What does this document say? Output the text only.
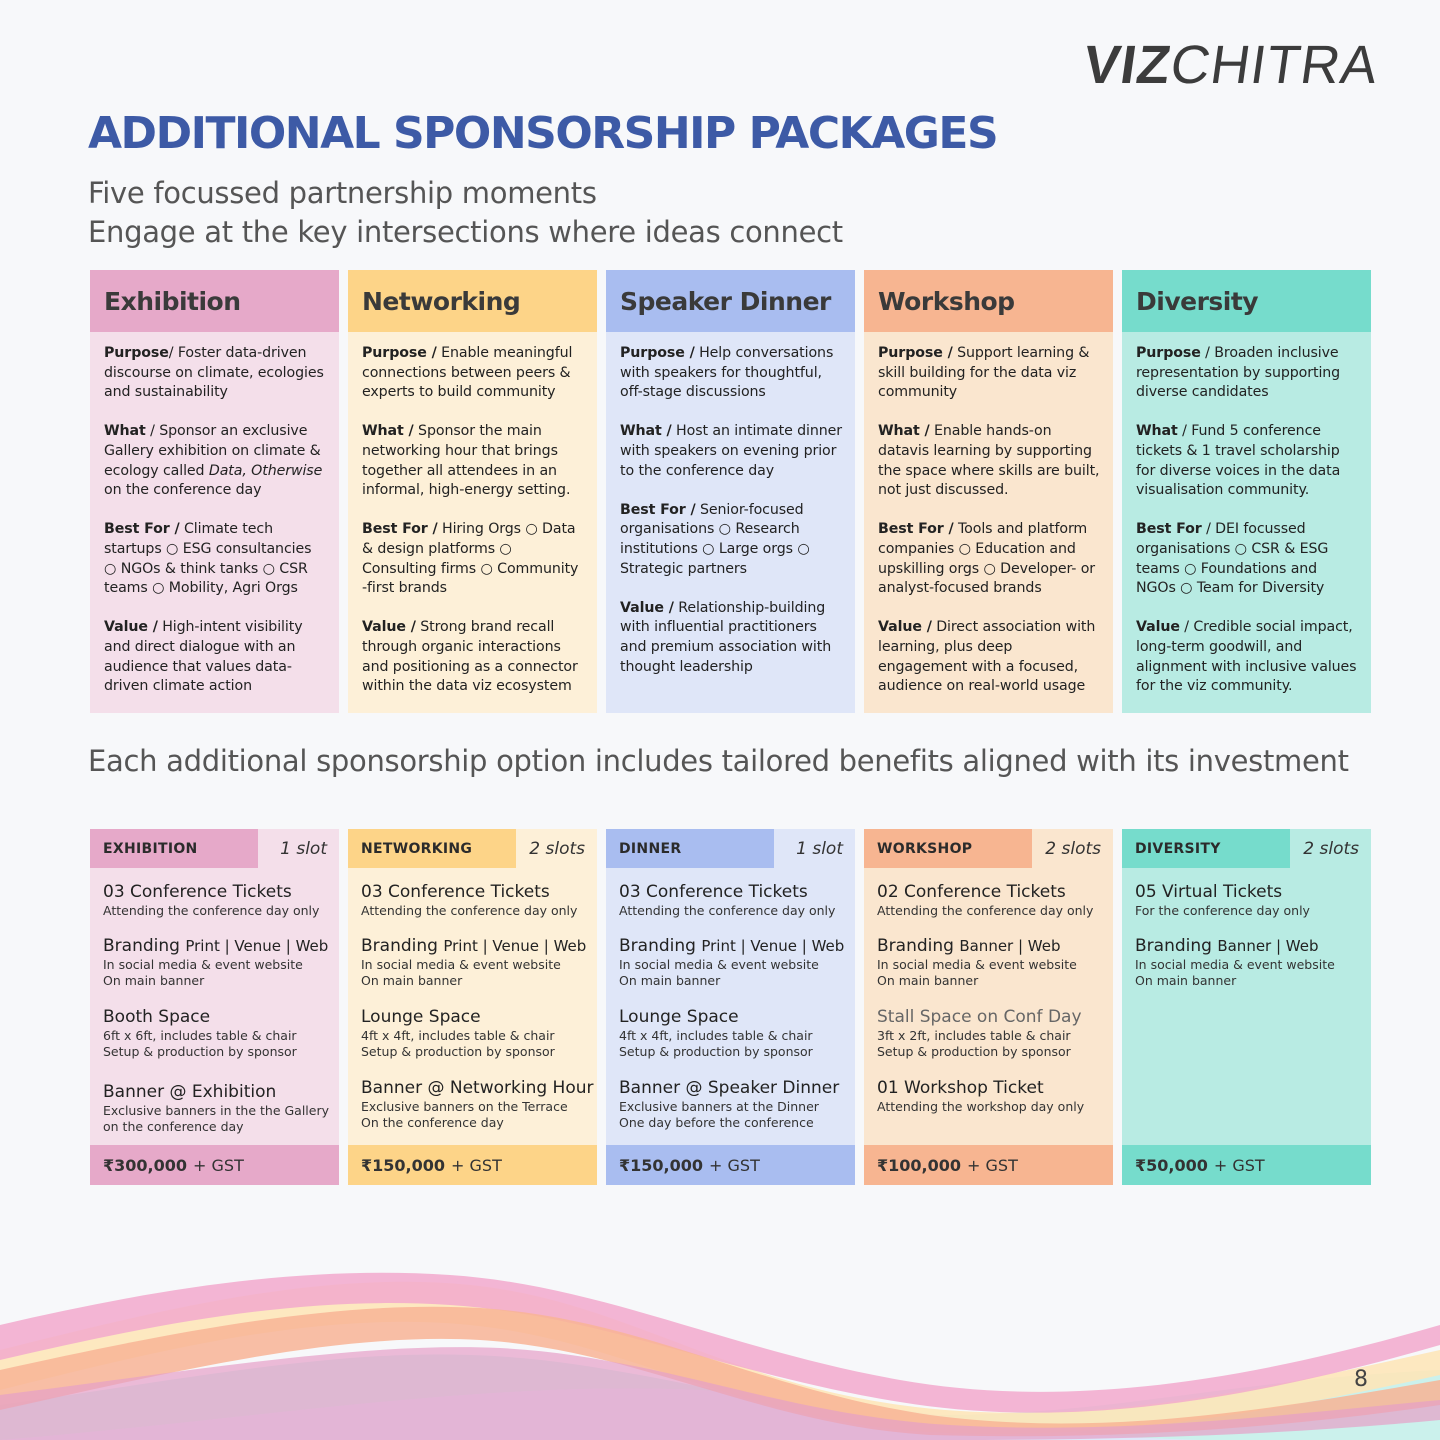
VIZCHITRA
ADDITIONAL SPONSORSHIP PACKAGES
Five focussed partnership moments
Engage at the key intersections where ideas connect
Exhibition

Purpose/ Foster data-driven discourse on climate, ecologies and sustainability

What / Sponsor an exclusive Gallery exhibition on climate & ecology called Data, Otherwise on the conference day

Best For / Climate tech startups ○ ESG consultancies ○ NGOs & think tanks ○ CSR teams ○ Mobility, Agri Orgs

Value / High-intent visibility and direct dialogue with an audience that values data-driven climate action

Networking

Purpose / Enable meaningful connections between peers & experts to build community

What / Sponsor the main networking hour that brings together all attendees in an informal, high-energy setting.

Best For / Hiring Orgs ○ Data & design platforms ○ Consulting firms ○ Community -first brands

Value / Strong brand recall through organic interactions and positioning as a connector within the data viz ecosystem

Speaker Dinner

Purpose / Help conversations with speakers for thoughtful, off-stage discussions

What / Host an intimate dinner with speakers on evening prior to the conference day

Best For / Senior-focused organisations ○ Research institutions ○ Large orgs ○ Strategic partners

Value / Relationship-building with influential practitioners and premium association with thought leadership

Workshop

Purpose / Support learning & skill building for the data viz community

What / Enable hands-on datavis learning by supporting the space where skills are built, not just discussed.

Best For / Tools and platform companies ○ Education and upskilling orgs ○ Developer- or analyst-focused brands

Value / Direct association with learning, plus deep engagement with a focused, audience on real-world usage

Diversity

Purpose / Broaden inclusive representation by supporting diverse candidates

What / Fund 5 conference tickets & 1 travel scholarship for diverse voices in the data visualisation community.

Best For / DEI focussed organisations ○ CSR & ESG teams ○ Foundations and NGOs ○ Team for Diversity

Value / Credible social impact, long-term goodwill, and alignment with inclusive values for the viz community.

Each additional sponsorship option includes tailored benefits aligned with its investment
EXHIBITION	1 slot
03 Conference Tickets
Attending the conference day only
Branding Print | Venue | Web
In social media & event website
On main banner
Booth Space
6ft x 6ft, includes table & chair
Setup & production by sponsor
Banner @ Exhibition
Exclusive banners in the the Gallery
on the conference day
₹300,000 + GST
NETWORKING	2 slots
03 Conference Tickets
Attending the conference day only
Branding Print | Venue | Web
In social media & event website
On main banner
Lounge Space
4ft x 4ft, includes table & chair
Setup & production by sponsor
Banner @ Networking Hour
Exclusive banners on the Terrace
On the conference day
₹150,000 + GST
DINNER	1 slot
03 Conference Tickets
Attending the conference day only
Branding Print | Venue | Web
In social media & event website
On main banner
Lounge Space
4ft x 4ft, includes table & chair
Setup & production by sponsor
Banner @ Speaker Dinner
Exclusive banners at the Dinner
One day before the conference
₹150,000 + GST
WORKSHOP	2 slots
02 Conference Tickets
Attending the conference day only
Branding Banner | Web
In social media & event website
On main banner
Stall Space on Conf Day
3ft x 2ft, includes table & chair
Setup & production by sponsor
01 Workshop Ticket
Attending the workshop day only
₹100,000 + GST
DIVERSITY	2 slots
05 Virtual Tickets
For the conference day only
Branding Banner | Web
In social media & event website
On main banner
₹50,000 + GST
8
